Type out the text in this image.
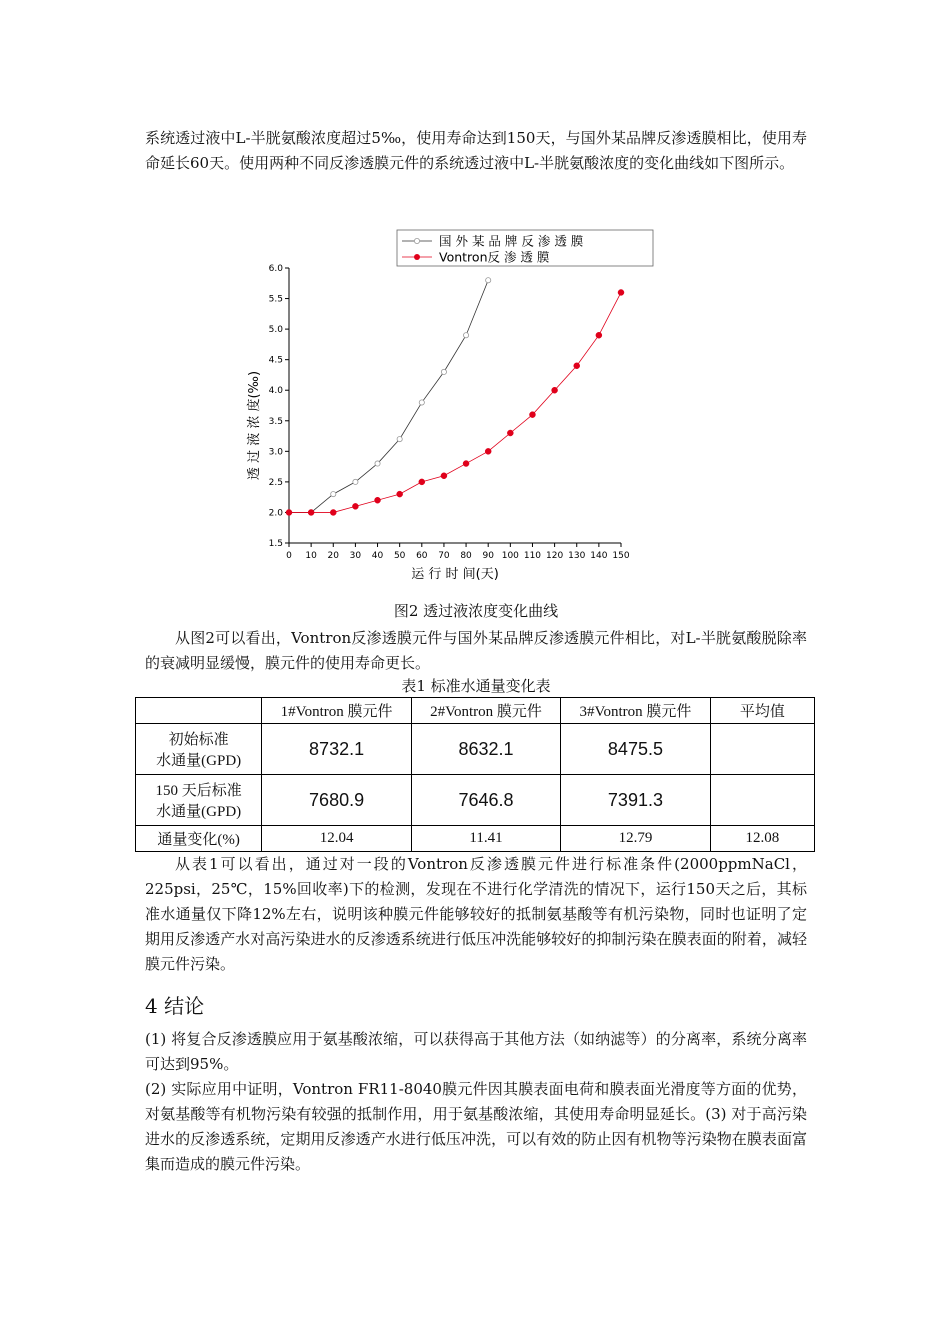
系统透过液中L-半胱氨酸浓度超过5‰，使用寿命达到150天，与国外某品牌反渗透膜相比，使用寿命延长60天。使用两种不同反渗透膜元件的系统透过液中L-半胱氨酸浓度的变化曲线如下图所示。

0 10 20 30 40 50 60 70 80 90 100 110 120 130 140 150
1.5
2.0
2.5
3.0
3.5
4.0
4.5
5.0
5.5
6.0
运 行 时 间(天)
透 过 液 浓 度(‰)
国 外 某 品 牌 反 渗 透 膜
Vontron反 渗 透 膜

图2 透过液浓度变化曲线

从图2可以看出，Vontron反渗透膜元件与国外某品牌反渗透膜元件相比，对L-半胱氨酸脱除率的衰减明显缓慢，膜元件的使用寿命更长。

表1 标准水通量变化表

	1#Vontron 膜元件	2#Vontron 膜元件	3#Vontron 膜元件	平均值

初始标准
水通量(GPD)	8732.1	8632.1	8475.5	

150 天后标准
水通量(GPD)	7680.9	7646.8	7391.3	
通量变化(%)	12.04	11.41	12.79	12.08

从表1可以看出，通过对一段的Vontron反渗透膜元件进行标准条件(2000ppmNaCl，225psi，25℃，15%回收率)下的检测，发现在不进行化学清洗的情况下，运行150天之后，其标准水通量仅下降12%左右，说明该种膜元件能够较好的抵制氨基酸等有机污染物，同时也证明了定期用反渗透产水对高污染进水的反渗透系统进行低压冲洗能够较好的抑制污染在膜表面的附着，减轻膜元件污染。

4 结论

(1) 将复合反渗透膜应用于氨基酸浓缩，可以获得高于其他方法（如纳滤等）的分离率，系统分离率可达到95%。

(2) 实际应用中证明，Vontron FR11-8040膜元件因其膜表面电荷和膜表面光滑度等方面的优势，对氨基酸等有机物污染有较强的抵制作用，用于氨基酸浓缩，其使用寿命明显延长。(3) 对于高污染进水的反渗透系统，定期用反渗透产水进行低压冲洗，可以有效的防止因有机物等污染物在膜表面富集而造成的膜元件污染。
